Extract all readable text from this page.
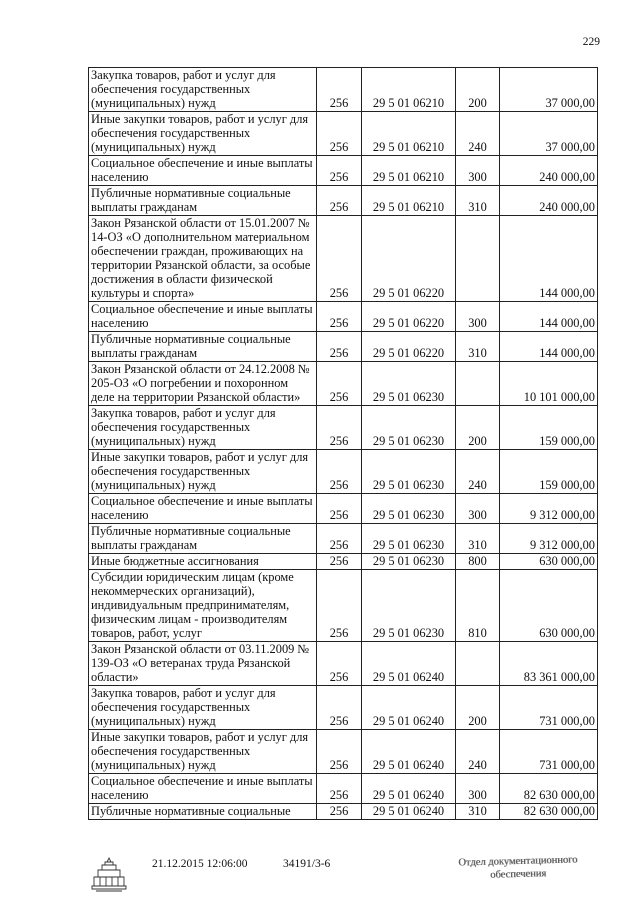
229
Закупка товаров, работ и услуг для обеспечения государственных (муниципальных) нужд	256	29 5 01 06210	200	37 000,00
Иные закупки товаров, работ и услуг для обеспечения государственных (муниципальных) нужд	256	29 5 01 06210	240	37 000,00
Социальное обеспечение и иные выплаты населению	256	29 5 01 06210	300	240 000,00
Публичные нормативные социальные выплаты гражданам	256	29 5 01 06210	310	240 000,00
Закон Рязанской области от 15.01.2007 № 14-ОЗ «О дополнительном материальном обеспечении граждан, проживающих на территории Рязанской области, за особые достижения в области физической культуры и спорта»	256	29 5 01 06220		144 000,00
Социальное обеспечение и иные выплаты населению	256	29 5 01 06220	300	144 000,00
Публичные нормативные социальные выплаты гражданам	256	29 5 01 06220	310	144 000,00
Закон Рязанской области от 24.12.2008 № 205-ОЗ «О погребении и похоронном деле на территории Рязанской области»	256	29 5 01 06230		10 101 000,00
Закупка товаров, работ и услуг для обеспечения государственных (муниципальных) нужд	256	29 5 01 06230	200	159 000,00
Иные закупки товаров, работ и услуг для обеспечения государственных (муниципальных) нужд	256	29 5 01 06230	240	159 000,00
Социальное обеспечение и иные выплаты населению	256	29 5 01 06230	300	9 312 000,00
Публичные нормативные социальные выплаты гражданам	256	29 5 01 06230	310	9 312 000,00
Иные бюджетные ассигнования	256	29 5 01 06230	800	630 000,00
Субсидии юридическим лицам (кроме некоммерческих организаций), индивидуальным предпринимателям, физическим лицам - производителям товаров, работ, услуг	256	29 5 01 06230	810	630 000,00
Закон Рязанской области от 03.11.2009 № 139-ОЗ «О ветеранах труда Рязанской области»	256	29 5 01 06240		83 361 000,00
Закупка товаров, работ и услуг для обеспечения государственных (муниципальных) нужд	256	29 5 01 06240	200	731 000,00
Иные закупки товаров, работ и услуг для обеспечения государственных (муниципальных) нужд	256	29 5 01 06240	240	731 000,00
Социальное обеспечение и иные выплаты населению	256	29 5 01 06240	300	82 630 000,00
Публичные нормативные социальные	256	29 5 01 06240	310	82 630 000,00
21.12.2015 12:06:00	34191/3-6	Отдел документационного
обеспечения
